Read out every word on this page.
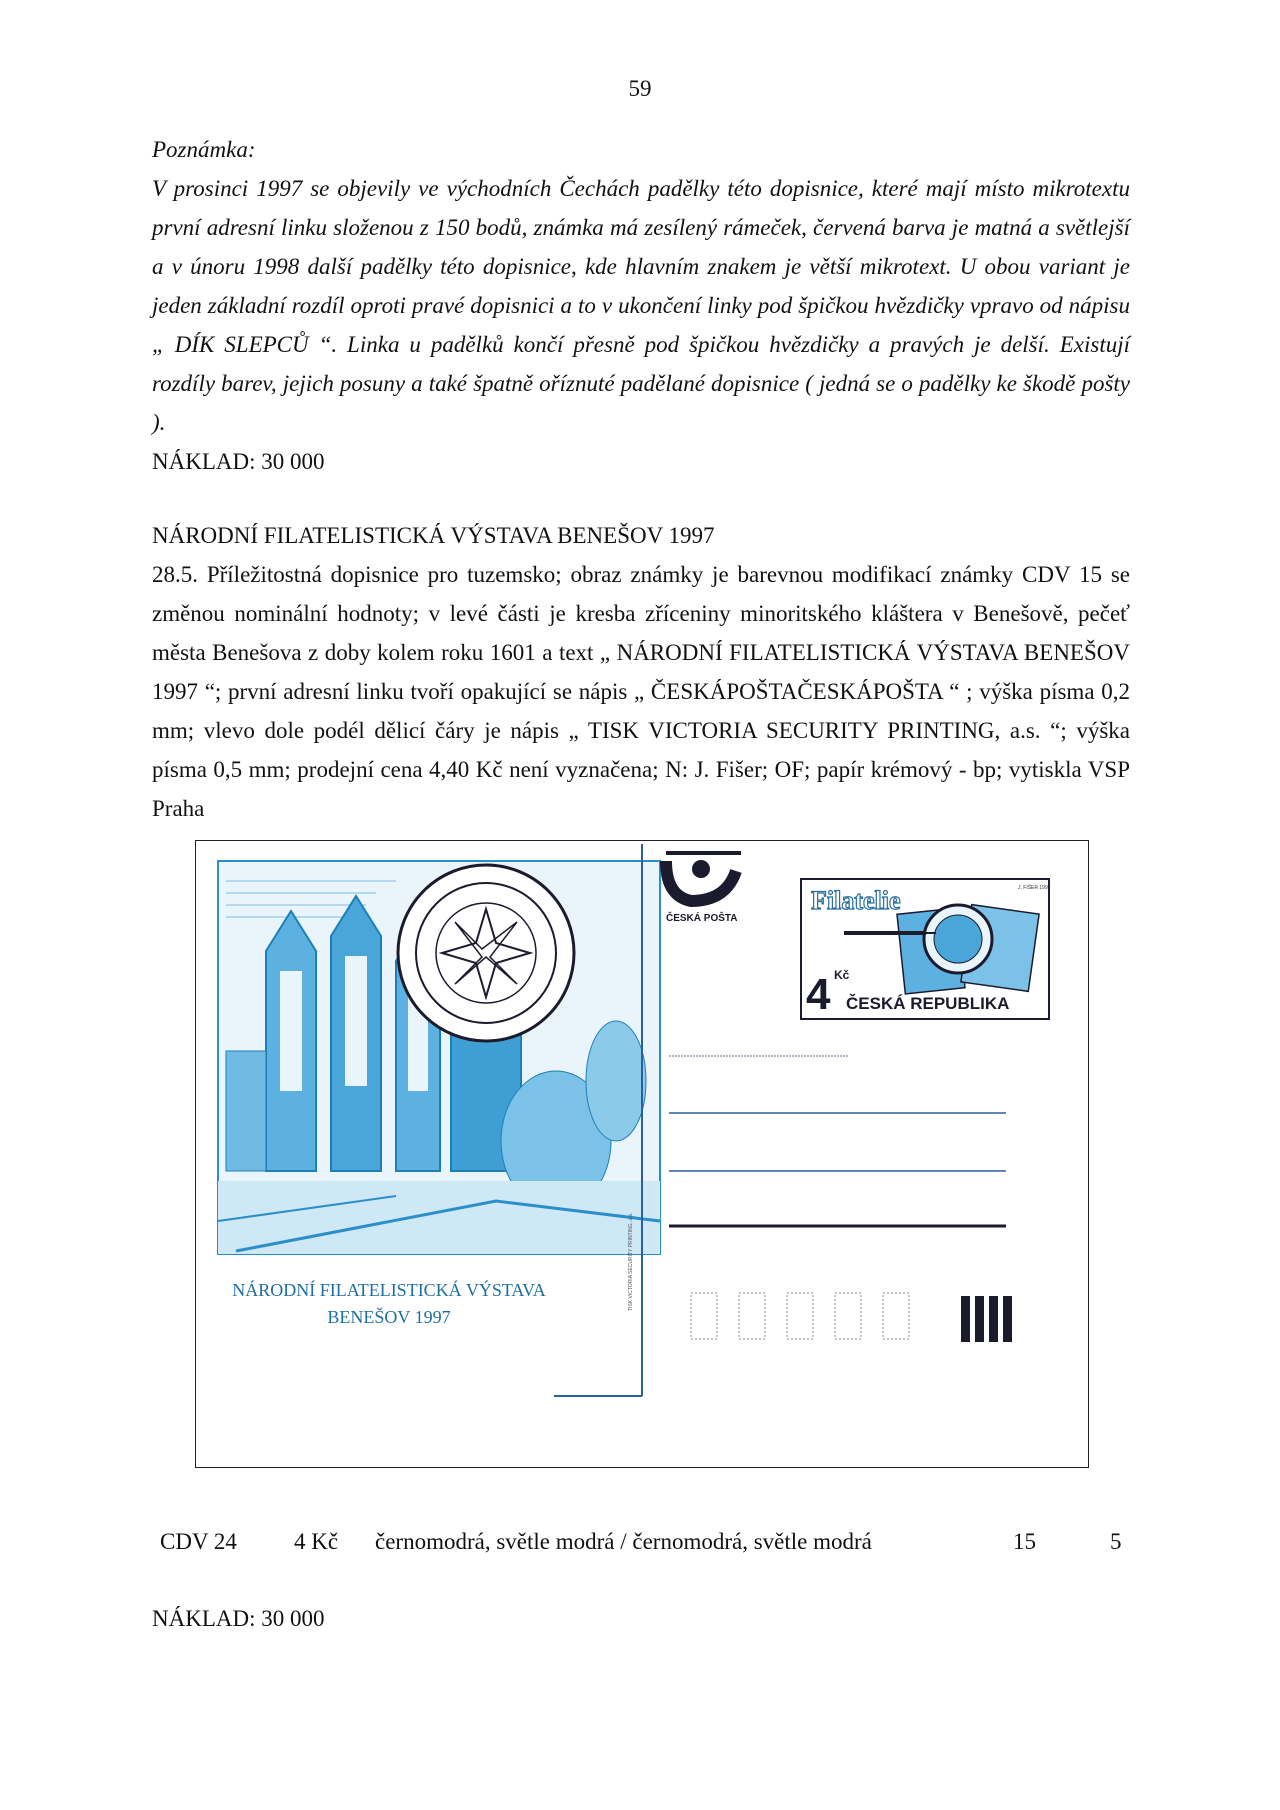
59
Poznámka:
V prosinci 1997 se objevily ve východních Čechách padělky této dopisnice, které mají místo mikrotextu první adresní linku složenou z 150 bodů, známka má zesílený rámeček, červená barva je matná a světlejší a v únoru 1998 další padělky této dopisnice, kde hlavním znakem je větší mikrotext. U obou variant je jeden základní rozdíl oproti pravé dopisnici a to v ukončení linky pod špičkou hvězdičky vpravo od nápisu „ DÍK SLEPCŮ “. Linka u padělků končí přesně pod špičkou hvězdičky a pravých je delší. Existují rozdíly barev, jejich posuny a také špatně oříznuté padělané dopisnice ( jedná se o padělky ke škodě pošty ).
NÁKLAD: 30 000
NÁRODNÍ FILATELISTICKÁ VÝSTAVA BENEŠOV 1997
28.5. Příležitostná dopisnice pro tuzemsko; obraz známky je barevnou modifikací známky CDV 15 se změnou nominální hodnoty; v levé části je kresba zříceniny minoritského kláštera v Benešově, pečeť města Benešova z doby kolem roku 1601 a text „ NÁRODNÍ FILATELISTICKÁ VÝSTAVA BENEŠOV 1997 “; první adresní linku tvoří opakující se nápis „ ČESKÁPOŠTAČESKÁPOŠTA “ ; výška písma 0,2 mm; vlevo dole podél dělicí čáry je nápis „ TISK VICTORIA SECURITY PRINTING, a.s. “; výška písma 0,5 mm; prodejní cena 4,40 Kč není vyznačena; N: J. Fišer; OF; papír krémový - bp; vytiskla VSP Praha
NÁRODNÍ FILATELISTICKÁ VÝSTAVA
BENEŠOV 1997
TISK VICTORIA SECURITY PRINTING, a.s.
ČESKÁ POŠTA
Filatelie	J. FIŠER 1997
4 Kč
ČESKÁ REPUBLIKA
CDV 24 4 Kč černomodrá, světle modrá / černomodrá, světle modrá	15	5
NÁKLAD: 30 000
